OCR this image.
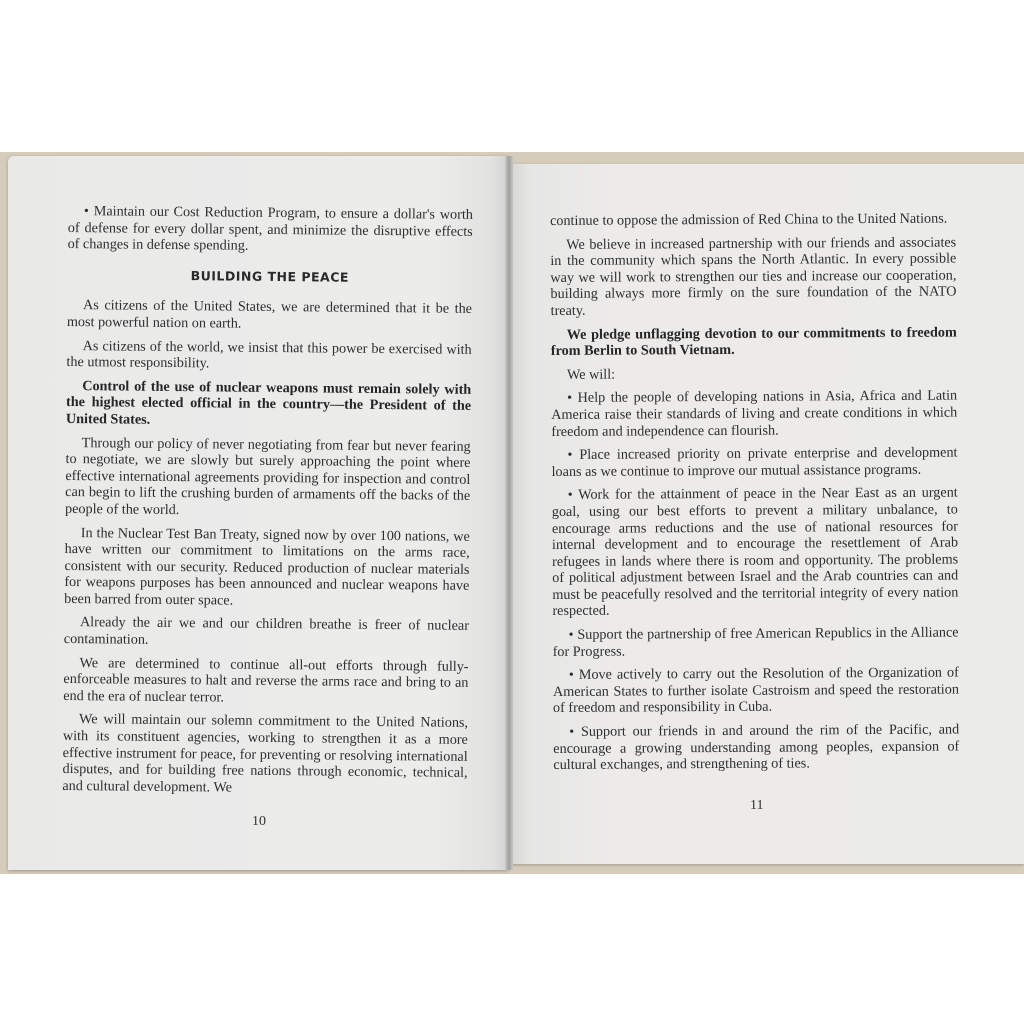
• Maintain our Cost Reduction Program, to ensure a dollar's worth of defense for every dollar spent, and minimize the disruptive effects of changes in defense spending.

BUILDING THE PEACE

As citizens of the United States, we are determined that it be the most powerful nation on earth.

As citizens of the world, we insist that this power be exercised with the utmost responsibility.

Control of the use of nuclear weapons must remain solely with the highest elected official in the country—the President of the United States.

Through our policy of never negotiating from fear but never fearing to negotiate, we are slowly but surely approaching the point where effective international agreements providing for inspection and control can begin to lift the crushing burden of armaments off the backs of the people of the world.

In the Nuclear Test Ban Treaty, signed now by over 100 nations, we have written our commitment to limitations on the arms race, consistent with our security. Reduced production of nuclear materials for weapons purposes has been announced and nuclear weapons have been barred from outer space.

Already the air we and our children breathe is freer of nuclear contamination.

We are determined to continue all-out efforts through fully-enforceable measures to halt and reverse the arms race and bring to an end the era of nuclear terror.

We will maintain our solemn commitment to the United Nations, with its constituent agencies, working to strengthen it as a more effective instrument for peace, for preventing or resolving international disputes, and for building free nations through economic, technical, and cultural development. We

10

continue to oppose the admission of Red China to the United Nations.

We believe in increased partnership with our friends and associates in the community which spans the North Atlantic. In every possible way we will work to strengthen our ties and increase our cooperation, building always more firmly on the sure foundation of the NATO treaty.

We pledge unflagging devotion to our commitments to freedom from Berlin to South Vietnam.

We will:

• Help the people of developing nations in Asia, Africa and Latin America raise their standards of living and create conditions in which freedom and independence can flourish.

• Place increased priority on private enterprise and development loans as we continue to improve our mutual assistance programs.

• Work for the attainment of peace in the Near East as an urgent goal, using our best efforts to prevent a military unbalance, to encourage arms reductions and the use of national resources for internal development and to encourage the resettlement of Arab refugees in lands where there is room and opportunity. The problems of political adjustment between Israel and the Arab countries can and must be peacefully resolved and the territorial integrity of every nation respected.

• Support the partnership of free American Republics in the Alliance for Progress.

• Move actively to carry out the Resolution of the Organization of American States to further isolate Castroism and speed the restoration of freedom and responsibility in Cuba.

• Support our friends in and around the rim of the Pacific, and encourage a growing understanding among peoples, expansion of cultural exchanges, and strengthening of ties.

11
